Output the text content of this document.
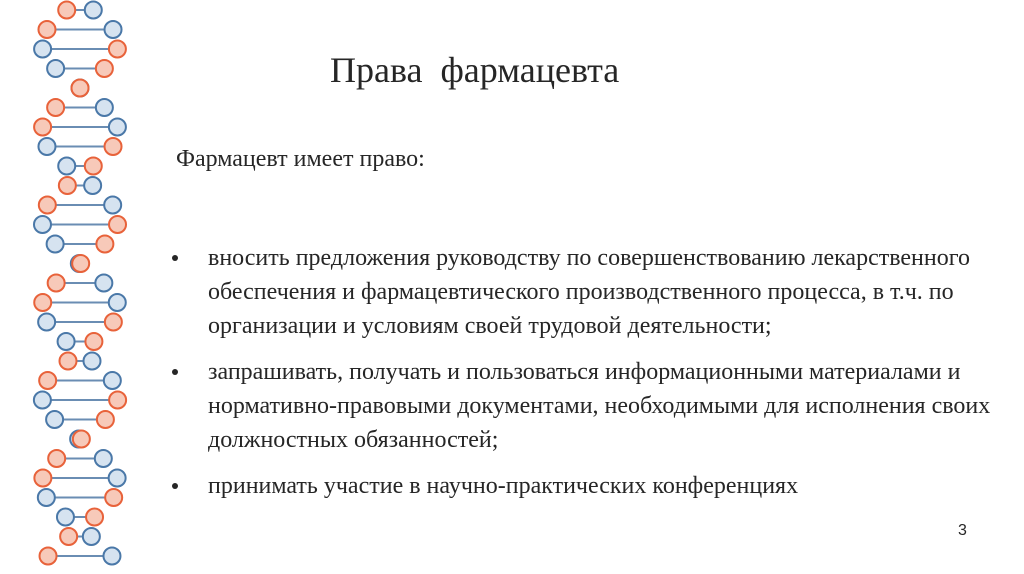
Права  фармацевта
Фармацевт имеет право:
вносить предложения руководству по совершенствованию лекарственного обеспечения и фармацевтического производственного процесса, в т.ч. по организации и условиям своей трудовой деятельности;
запрашивать, получать и пользоваться информационными материалами и нормативно-правовыми документами, необходимыми для исполнения своих должностных обязанностей;
принимать участие в научно-практических конференциях
3
